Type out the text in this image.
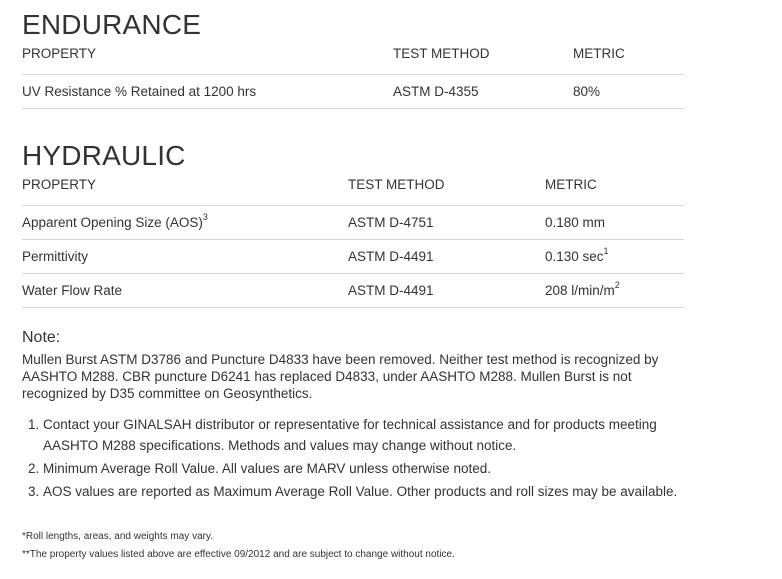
ENDURANCE
PROPERTY	TEST METHOD	METRIC
UV Resistance % Retained at 1200 hrs	ASTM D-4355	80%
HYDRAULIC
PROPERTY	TEST METHOD	METRIC
Apparent Opening Size (AOS)$^3$	ASTM D-4751	0.180 mm
Permittivity	ASTM D-4491	0.130 $\sec^1$
Water Flow Rate	ASTM D-4491	208 $l/\min/m^2$
Note:

Mullen Burst ASTM D3786 and Puncture D4833 have been removed. Neither test method is recognized by AASHTO M288. CBR puncture D6241 has replaced D4833, under AASHTO M288. Mullen Burst is not recognized by D35 committee on Geosynthetics.

1. Contact your GINALSAH distributor or representative for technical assistance and for products meeting AASHTO M288 specifications. Methods and values may change without notice.
2. Minimum Average Roll Value. All values are MARV unless otherwise noted.
3. AOS values are reported as Maximum Average Roll Value. Other products and roll sizes may be available.

*Roll lengths, areas, and weights may vary.

**The property values listed above are effective 09/2012 and are subject to change without notice.
